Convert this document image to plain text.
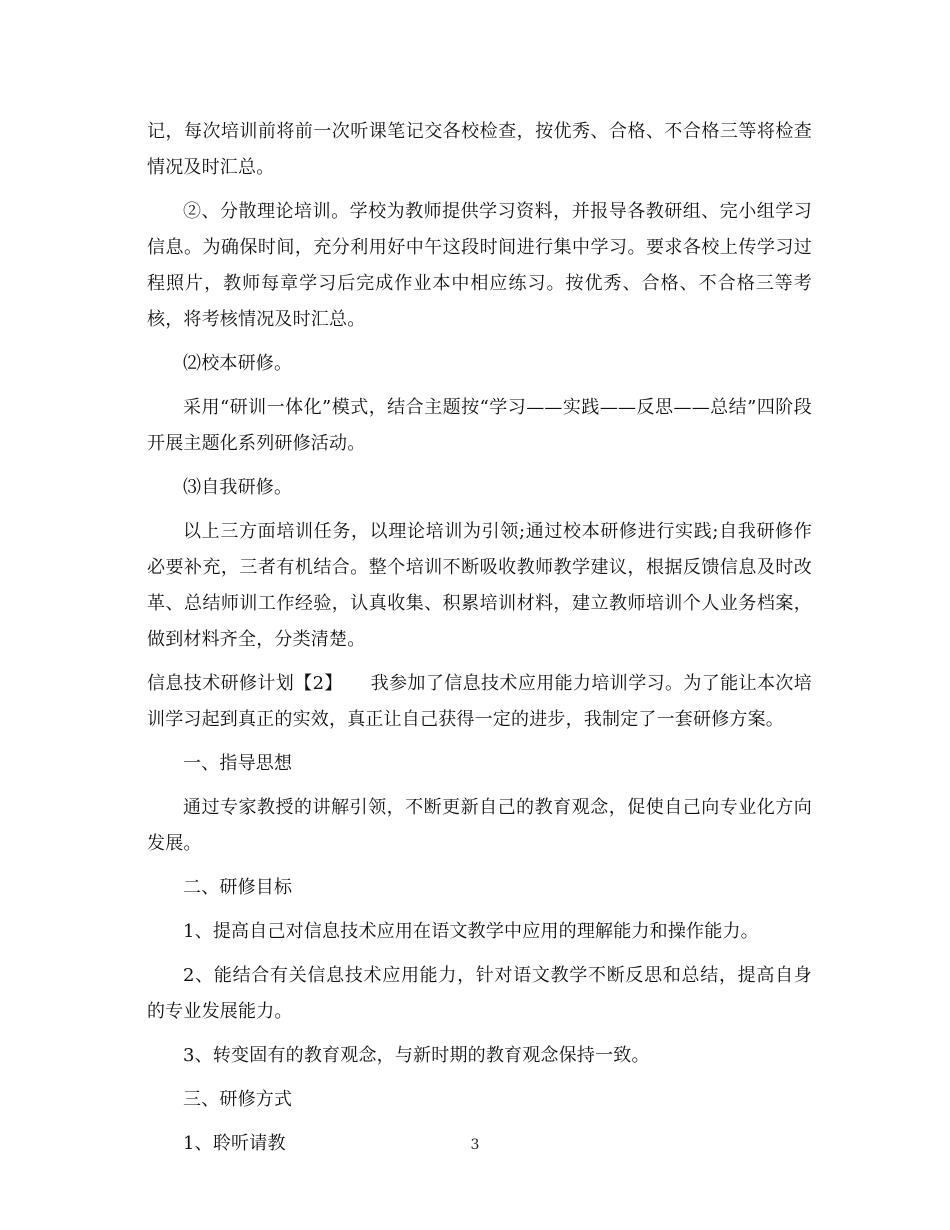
记，每次培训前将前一次听课笔记交各校检查，按优秀、合格、不合格三等将检查情况及时汇总。

②、分散理论培训。学校为教师提供学习资料，并报导各教研组、完小组学习信息。为确保时间，充分利用好中午这段时间进行集中学习。要求各校上传学习过程照片，教师每章学习后完成作业本中相应练习。按优秀、合格、不合格三等考核，将考核情况及时汇总。

⑵校本研修。

采用“研训一体化”模式，结合主题按“学习——实践——反思——总结”四阶段开展主题化系列研修活动。

⑶自我研修。

以上三方面培训任务，以理论培训为引领;通过校本研修进行实践;自我研修作必要补充，三者有机结合。整个培训不断吸收教师教学建议，根据反馈信息及时改革、总结师训工作经验，认真收集、积累培训材料，建立教师培训个人业务档案，做到材料齐全，分类清楚。

信息技术研修计划【2】　　我参加了信息技术应用能力培训学习。为了能让本次培训学习起到真正的实效，真正让自己获得一定的进步，我制定了一套研修方案。

一、指导思想

通过专家教授的讲解引领，不断更新自己的教育观念，促使自己向专业化方向发展。

二、研修目标

1、提高自己对信息技术应用在语文教学中应用的理解能力和操作能力。

2、能结合有关信息技术应用能力，针对语文教学不断反思和总结，提高自身的专业发展能力。

3、转变固有的教育观念，与新时期的教育观念保持一致。

三、研修方式

1、聆听请教	3
